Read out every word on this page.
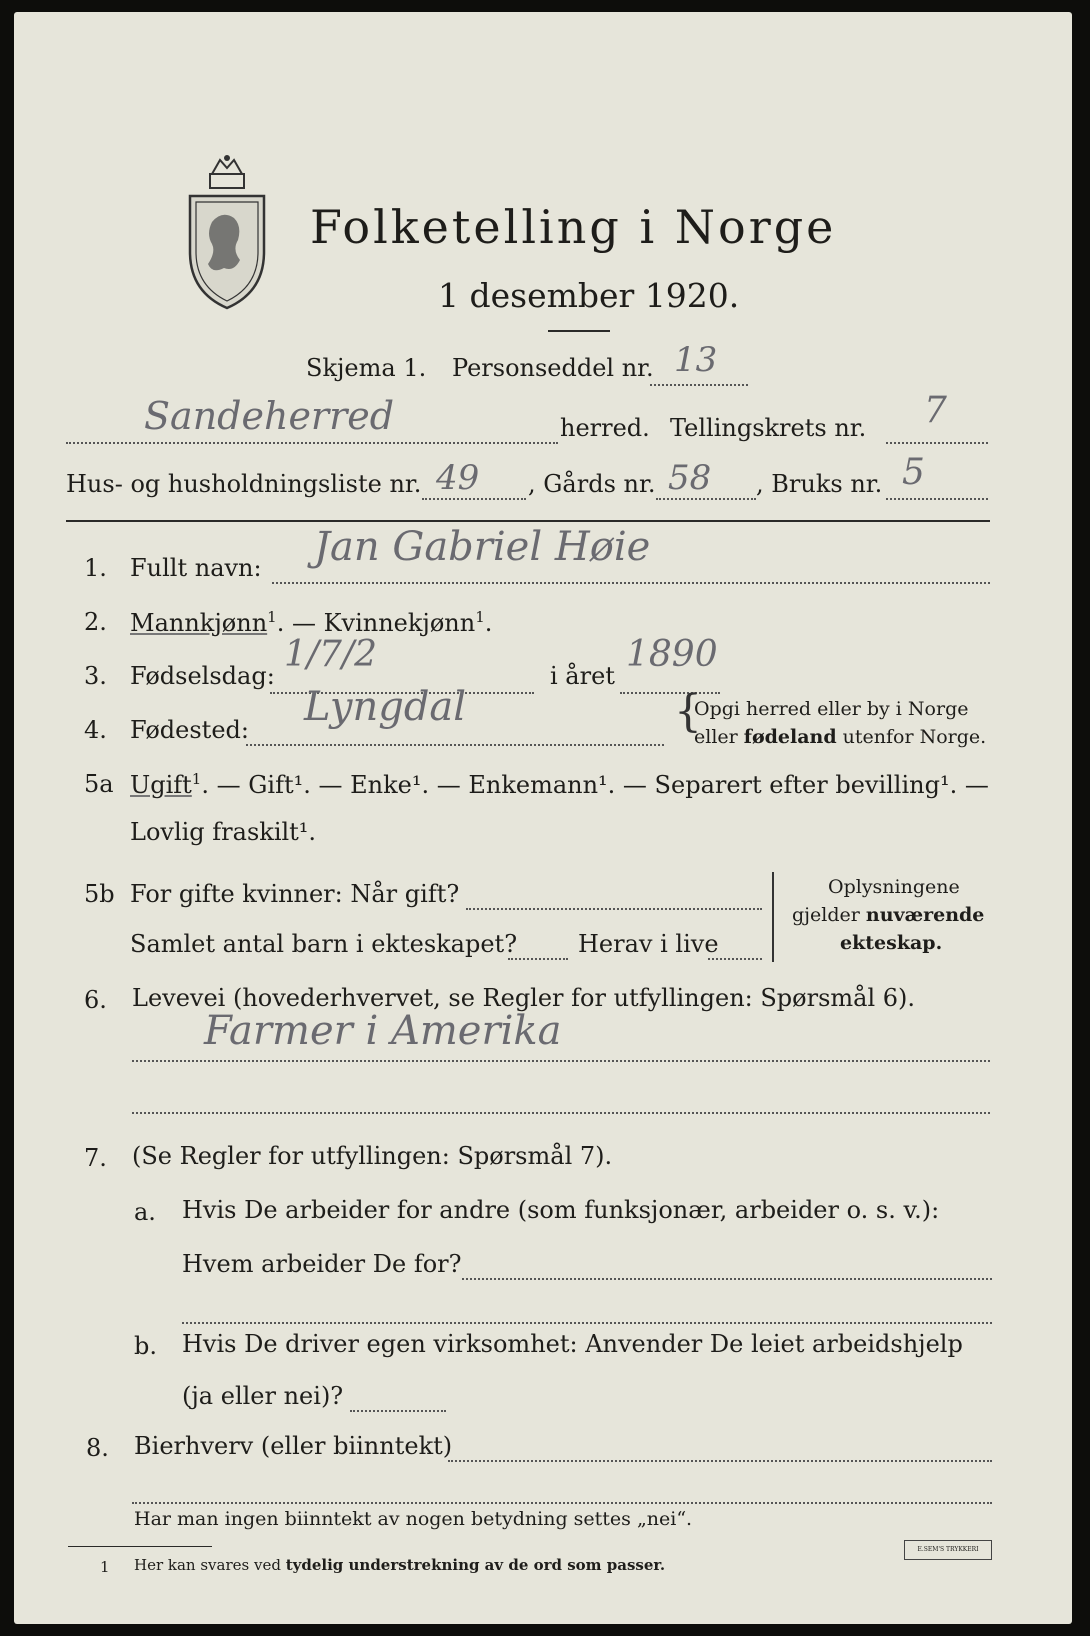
Folketelling i Norge
1 desember 1920.
Skjema 1. Personseddel nr. 13
Sandeherred	herred. Tellingskrets nr. 7
Hus- og husholdningsliste nr. 49 , Gårds nr. 58 , Bruks nr. 5
1. Fullt navn: Jan Gabriel Høie
2. Mannkjønn$^1$. — Kvinnekjønn$^1$.
3. Fødselsdag:
1/7/2
i året
1890
4. Fødested: Lyngdal	{
Opgi herred eller by i Norge
eller fødeland utenfor Norge.
5a Ugift$^1$. — Gift¹. — Enke¹. — Enkemann¹. — Separert efter bevilling¹. —
Lovlig fraskilt¹.
5b For gifte kvinner: Når gift?
Samlet antal barn i ekteskapet?	Herav i live
Oplysningene
gjelder nuværende
ekteskap.
6. Levevei (hovederhvervet, se Regler for utfyllingen: Spørsmål 6).
Farmer i Amerika
7. (Se Regler for utfyllingen: Spørsmål 7).
a. Hvis De arbeider for andre (som funksjonær, arbeider o. s. v.):
Hvem arbeider De for?
b. Hvis De driver egen virksomhet: Anvender De leiet arbeidshjelp
(ja eller nei)?
8. Bierhverv (eller biinntekt)
Har man ingen biinntekt av nogen betydning settes „nei“.
1 Her kan svares ved tydelig understrekning av de ord som passer.
E.SEM'S TRYKKERI
